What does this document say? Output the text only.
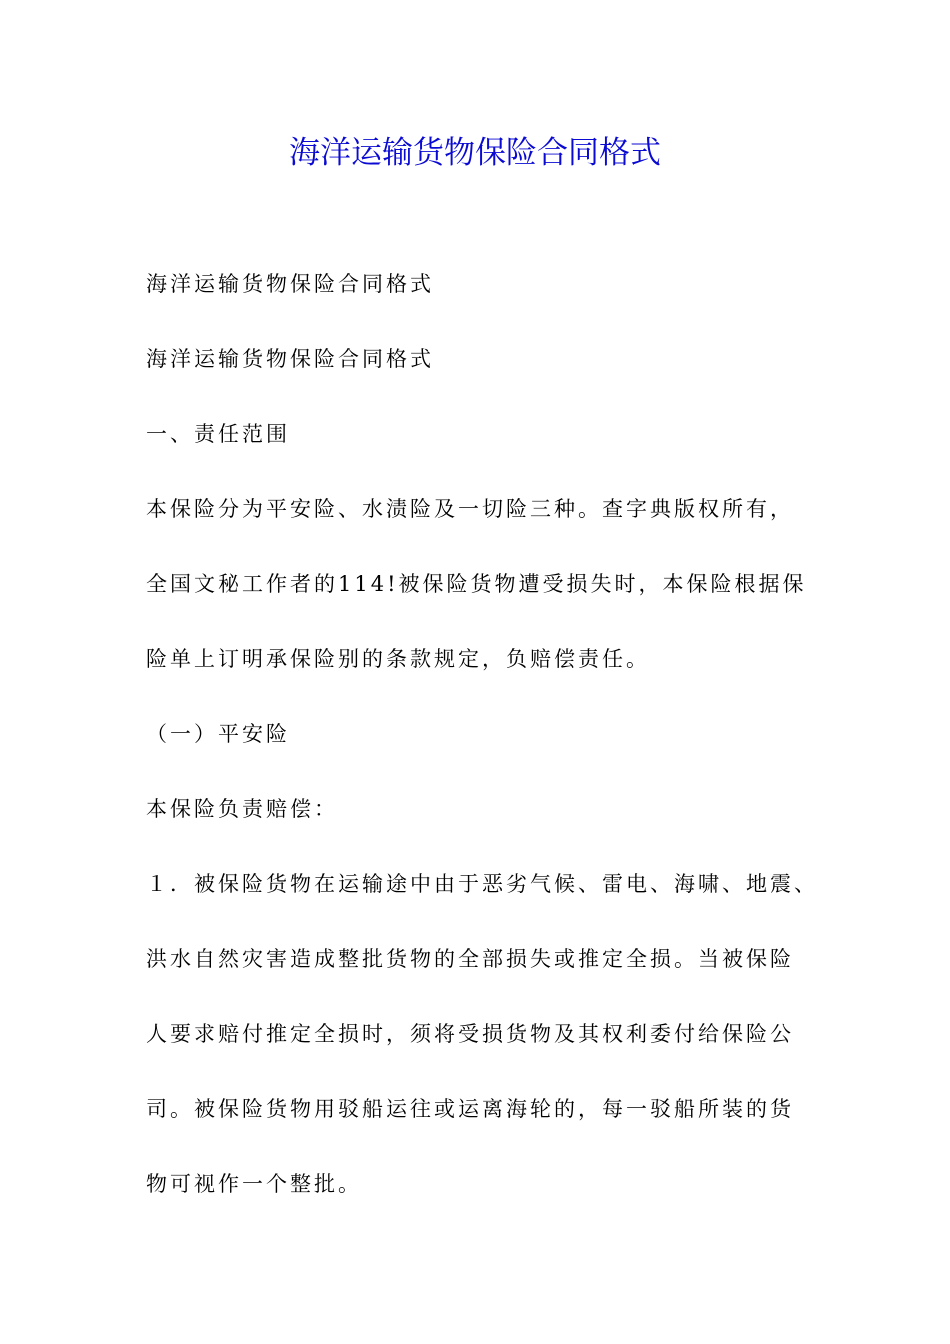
海洋运输货物保险合同格式
海洋运输货物保险合同格式
海洋运输货物保险合同格式
一、责任范围
本保险分为平安险、水渍险及一切险三种。查字典版权所有，
全国文秘工作者的114!被保险货物遭受损失时，本保险根据保
险单上订明承保险别的条款规定，负赔偿责任。
（一）平安险
本保险负责赔偿：
１．被保险货物在运输途中由于恶劣气候、雷电、海啸、地震、
洪水自然灾害造成整批货物的全部损失或推定全损。当被保险
人要求赔付推定全损时，须将受损货物及其权利委付给保险公
司。被保险货物用驳船运往或运离海轮的，每一驳船所装的货
物可视作一个整批。
